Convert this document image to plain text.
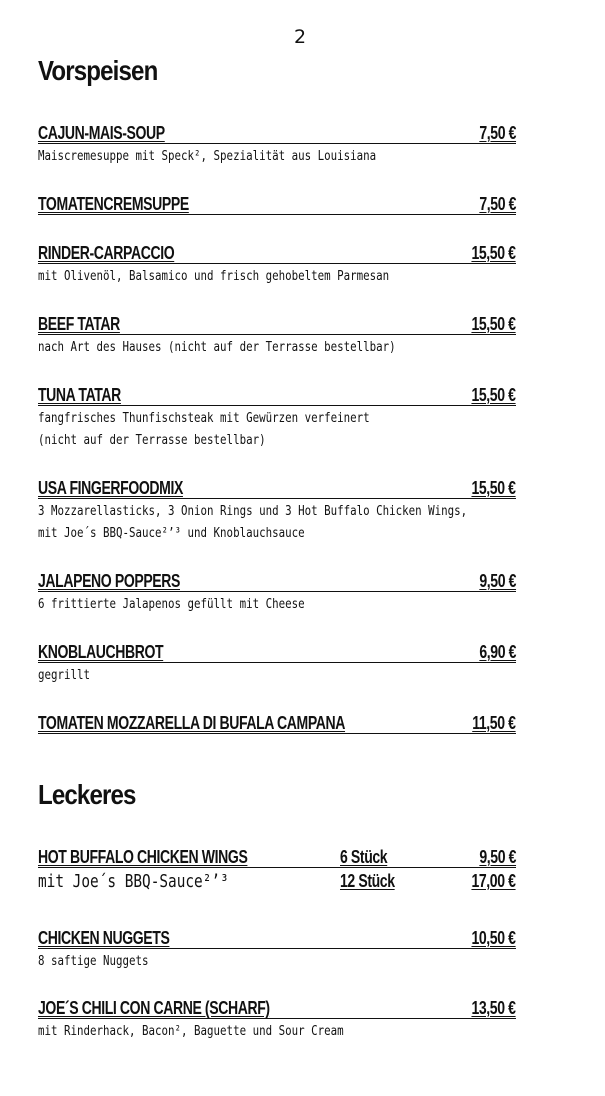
2
Vorspeisen
CAJUN-MAIS-SOUP	7,50 €
Maiscremesuppe mit Speck², Spezialität aus Louisiana
TOMATENCREMSUPPE	7,50 €
RINDER-CARPACCIO	15,50 €
mit Olivenöl, Balsamico und frisch gehobeltem Parmesan
BEEF TATAR	15,50 €
nach Art des Hauses (nicht auf der Terrasse bestellbar)
TUNA TATAR	15,50 €
fangfrisches Thunfischsteak mit Gewürzen verfeinert
(nicht auf der Terrasse bestellbar)
USA FINGERFOODMIX	15,50 €
3 Mozzarellasticks, 3 Onion Rings und 3 Hot Buffalo Chicken Wings,
mit Joe´s BBQ-Sauce²’³ und Knoblauchsauce
JALAPENO POPPERS	9,50 €
6 frittierte Jalapenos gefüllt mit Cheese
KNOBLAUCHBROT	6,90 €
gegrillt
TOMATEN MOZZARELLA DI BUFALA CAMPANA	11,50 €
Leckeres
HOT BUFFALO CHICKEN WINGS	6 Stück	9,50 €
mit Joe´s BBQ-Sauce²’³	12 Stück	17,00 €
CHICKEN NUGGETS	10,50 €
8 saftige Nuggets
JOE´S CHILI CON CARNE (SCHARF)	13,50 €
mit Rinderhack, Bacon², Baguette und Sour Cream
